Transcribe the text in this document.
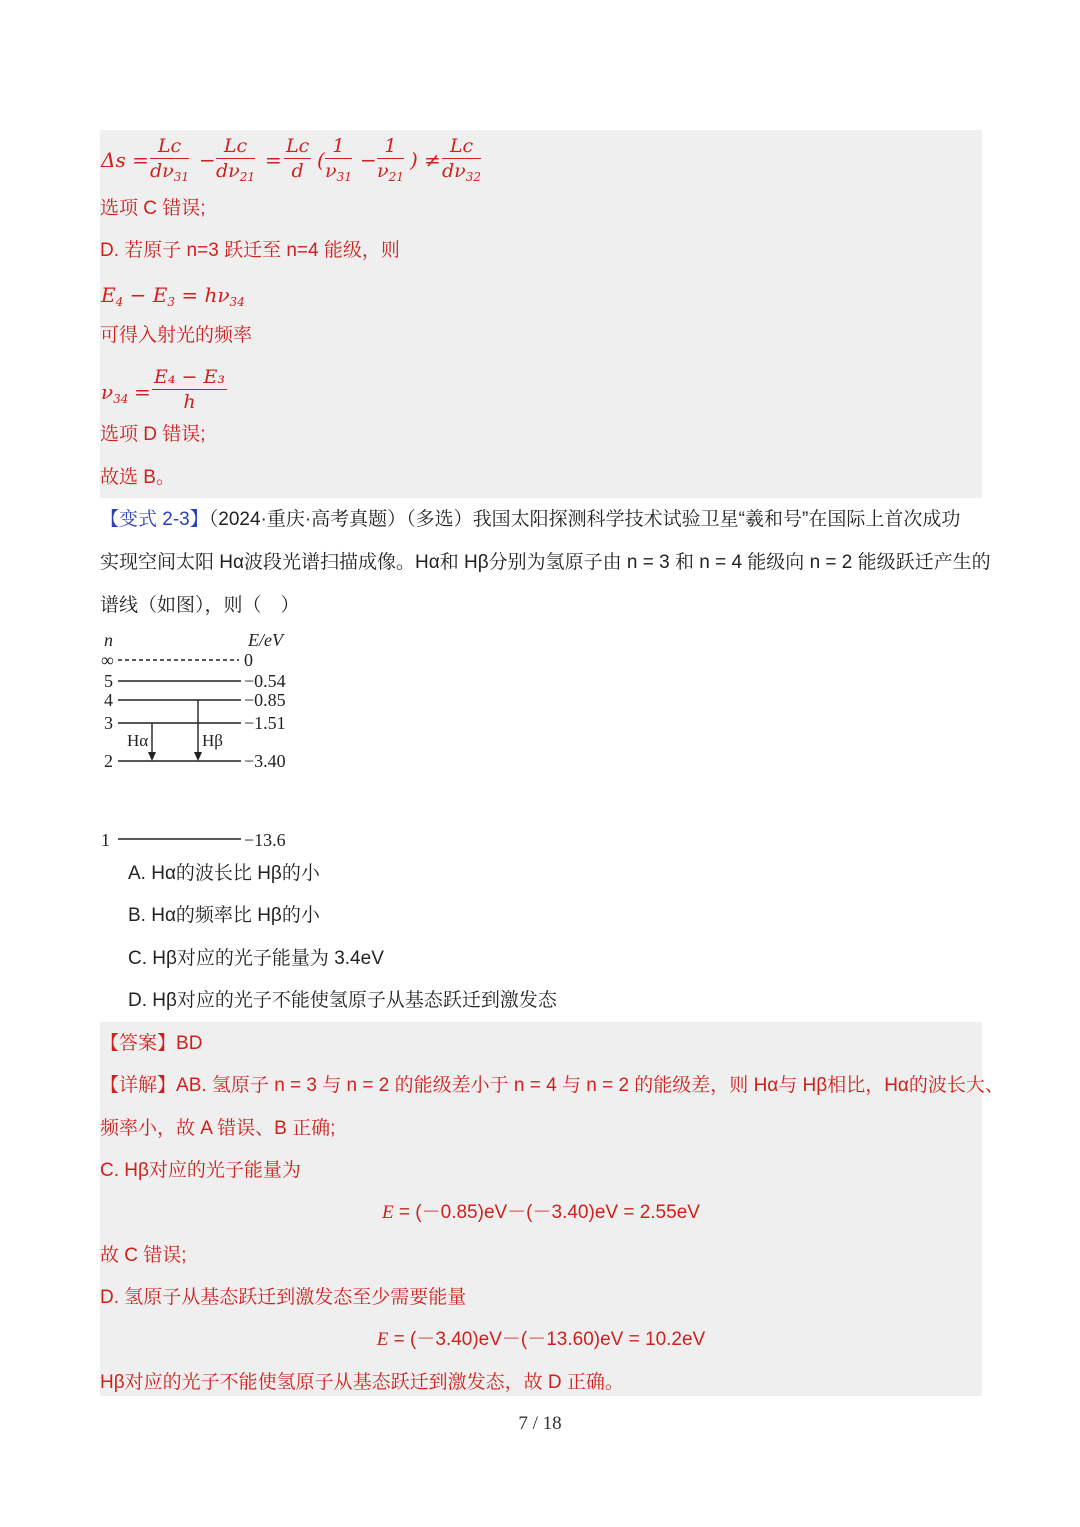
$\Delta s = \frac{Lc}{d\nu_{31}} - \frac{Lc}{d\nu_{21}} = \frac{Lc}{d}$ ( $\frac{1}{\nu_{31}} - \frac{1}{\nu_{21}}$ ) ≠ $\frac{Lc}{d\nu_{32}}$
选项 C 错误;
D. 若原子 n=3 跃迁至 n=4 能级，则
$E_4 - E_3 = h\nu_{34}$
可得入射光的频率
$\nu_{34} = \frac{\text{E₄ − E₃}}{h}$
选项 D 错误;
故选 B。
【变式 2-3】（2024·重庆·高考真题）（多选）我国太阳探测科学技术试验卫星“羲和号”在国际上首次成功
实现空间太阳 Hα波段光谱扫描成像。Hα和 Hβ分别为氢原子由 n = 3 和 n = 4 能级向 n = 2 能级跃迁产生的
谱线（如图），则（　）
n	E/eV
∞	0
5	−0.54
4	−0.85
3	−1.51
2	−3.40
1	−13.6
Hα	Hβ
A. Hα的波长比 Hβ的小
B. Hα的频率比 Hβ的小
C. Hβ对应的光子能量为 3.4eV
D. Hβ对应的光子不能使氢原子从基态跃迁到激发态
【答案】BD
【详解】AB. 氢原子 n = 3 与 n = 2 的能级差小于 n = 4 与 n = 2 的能级差，则 Hα与 Hβ相比，Hα的波长大、
频率小，故 A 错误、B 正确;
C. Hβ对应的光子能量为
E = (－0.85)eV－(－3.40)eV = 2.55eV
故 C 错误;
D. 氢原子从基态跃迁到激发态至少需要能量
E = (－3.40)eV－(－13.60)eV = 10.2eV
Hβ对应的光子不能使氢原子从基态跃迁到激发态，故 D 正确。
7 / 18
